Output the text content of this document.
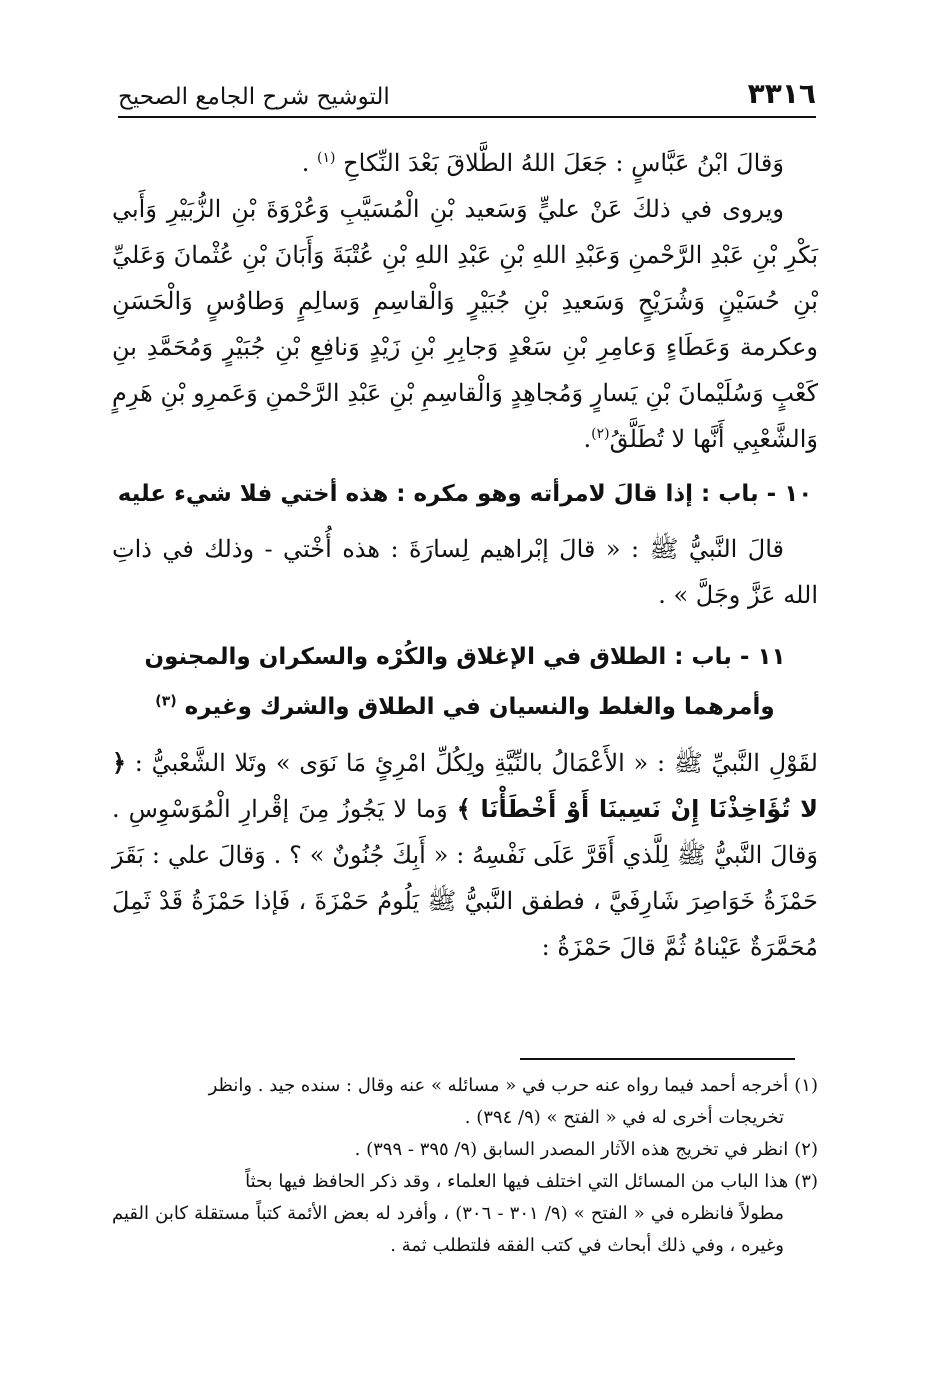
٣٣١٦
التوشيح شرح الجامع الصحيح

وَقالَ ابْنُ عَبَّاسٍ : جَعَلَ اللهُ الطَّلاقَ بَعْدَ النِّكاحِ $^{(١)}$ .

ويروى في ذلكَ عَنْ عليٍّ وَسَعيد بْنِ الْمُسَيَّبِ وَعُرْوَةَ بْنِ الزُّبَيْرِ وَأَبي بَكْرِ بْنِ عَبْدِ الرَّحْمنِ وَعَبْدِ اللهِ بْنِ عَبْدِ اللهِ بْنِ عُتْبَةَ وَأَبَانَ بْنِ عُثْمانَ وَعَليِّ بْنِ حُسَيْنٍ وَشُرَيْحٍ وَسَعيدِ بْنِ جُبَيْرٍ وَالْقاسِمِ وَسالِمٍ وَطاوُسٍ وَالْحَسَنِ وعكرمة وَعَطَاءٍ وَعامِرِ بْنِ سَعْدٍ وَجابِرِ بْنِ زَيْدٍ وَنافِعِ بْنِ جُبَيْرٍ وَمُحَمَّدِ بنِ كَعْبٍ وَسُلَيْمانَ بْنِ يَسارٍ وَمُجاهِدٍ وَالْقاسِمِ بْنِ عَبْدِ الرَّحْمنِ وَعَمرِو بْنِ هَرِمٍ وَالشَّعْبِي أَنَّها لا تُطَلَّقُ$^{(٢)}$.

١٠ - باب : إذا قالَ لامرأته وهو مكره : هذه أختي فلا شيء عليه

قالَ النَّبيُّ ﷺ : « قالَ إبْراهيم لِسارَةَ : هذه أُخْتي - وذلك في ذاتِ الله عَزَّ وجَلَّ » .

١١ - باب : الطلاق في الإغلاق والكُرْه والسكران والمجنون
وأمرهما والغلط والنسيان في الطلاق والشرك وغيره $^{(٣)}$

لقَوْلِ النَّبيِّ ﷺ : « الأَعْمَالُ بالنِّيَّةِ ولِكُلِّ امْرِئٍ مَا نَوَى » وتَلا الشَّعْبيُّ : ﴿ لا تُؤَاخِذْنَا إِنْ نَسِينَا أَوْ أَخْطَأْنَا ﴾ وَما لا يَجُوزُ مِنَ إقْرارِ الْمُوَسْوِسِ . وَقالَ النَّبيُّ ﷺ لِلَّذي أَقَرَّ عَلَى نَفْسِهُ : « أَبِكَ جُنُونٌ » ؟ . وَقالَ علي : بَقَرَ حَمْزَةُ خَوَاصِرَ شَارِفَيَّ ، فطفق النَّبيُّ ﷺ يَلُومُ حَمْزَةَ ، فَإذا حَمْزَةُ قَدْ ثَمِلَ مُحَمَّرَةٌ عَيْناهُ ثُمَّ قالَ حَمْزَةُ :

(١)أخرجه أحمد فيما رواه عنه حرب في « مسائله » عنه وقال : سنده جيد . وانظر
تخريجات أخرى له في « الفتح » (٩/ ٣٩٤) .

(٢)انظر في تخريج هذه الآثار المصدر السابق (٩/ ٣٩٥ - ٣٩٩) .

(٣)هذا الباب من المسائل التي اختلف فيها العلماء ، وقد ذكر الحافظ فيها بحثاً
مطولاً فانظره في « الفتح » (٩/ ٣٠١ - ٣٠٦) ، وأفرد له بعض الأئمة كتباً مستقلة كابن القيم وغيره ، وفي ذلك أبحاث في كتب الفقه فلتطلب ثمة .
